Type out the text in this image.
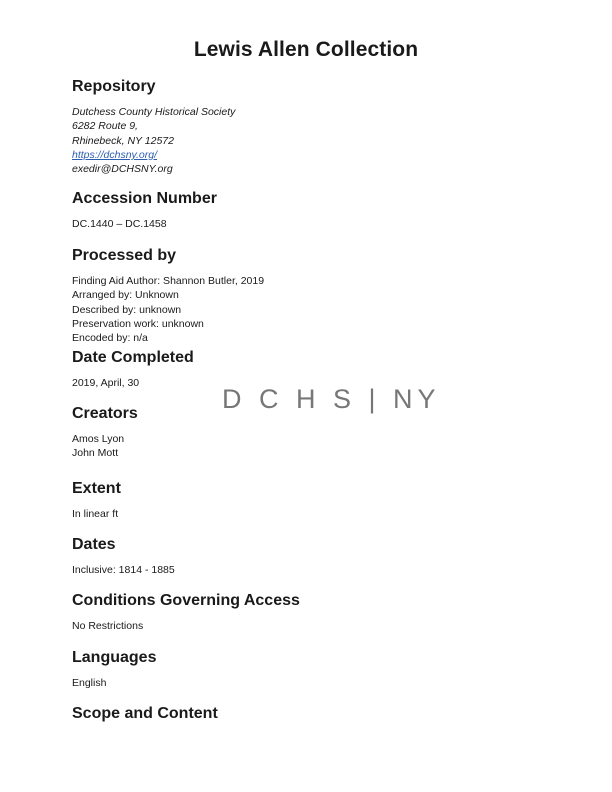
Lewis Allen Collection
Repository
Dutchess County Historical Society
6282 Route 9,
Rhinebeck, NY 12572
https://dchsny.org/
exedir@DCHSNY.org
Accession Number
DC.1440 – DC.1458
Processed by
Finding Aid Author: Shannon Butler, 2019
Arranged by: Unknown
Described by: unknown
Preservation work: unknown
Encoded by: n/a
Date Completed
2019, April, 30
Creators
Amos Lyon
John Mott
Extent
In linear ft
Dates
Inclusive: 1814 - 1885
Conditions Governing Access
No Restrictions
Languages
English
Scope and Content
D C H S | NY
